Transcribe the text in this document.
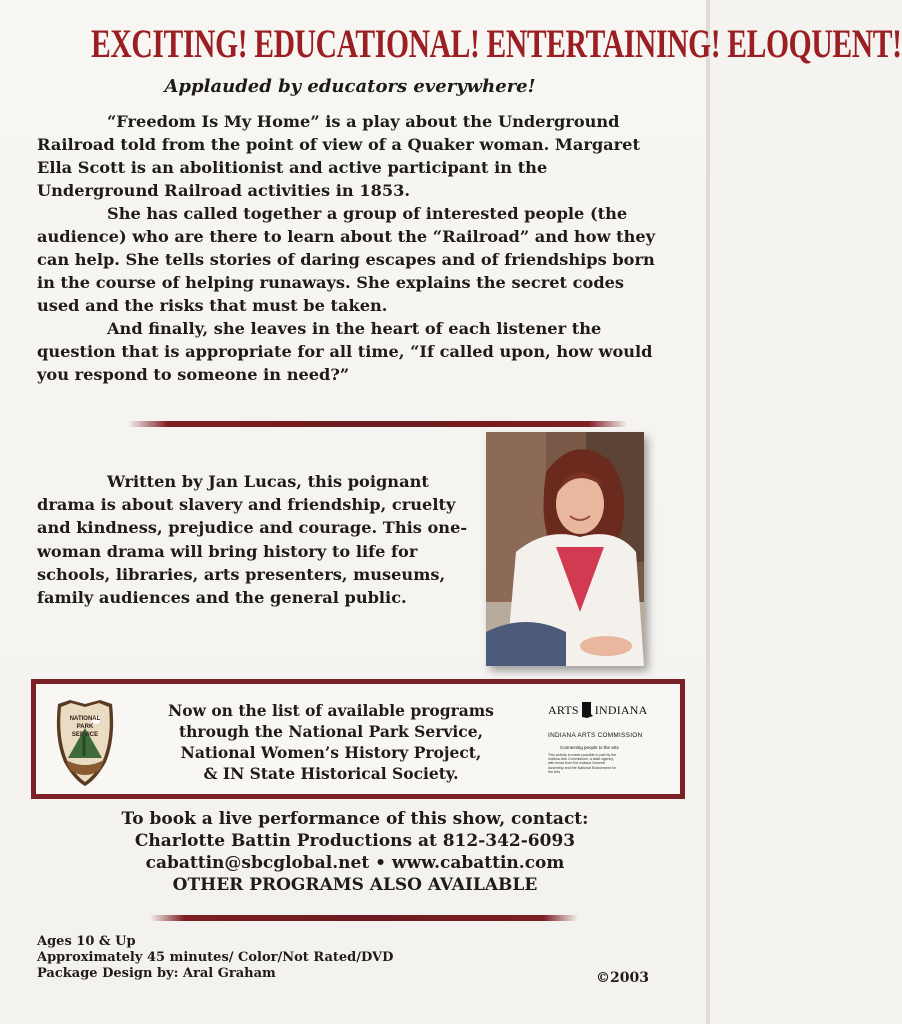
EXCITING! EDUCATIONAL! ENTERTAINING! ELOQUENT!
Applauded by educators everywhere!

“Freedom Is My Home” is a play about the Underground Railroad told from the point of view of a Quaker woman. Margaret Ella Scott is an abolitionist and active participant in the Underground Railroad activities in 1853.

She has called together a group of interested people (the audience) who are there to learn about the “Railroad” and how they can help. She tells stories of daring escapes and of friendships born in the course of helping runaways. She explains the secret codes used and the risks that must be taken.

And finally, she leaves in the heart of each listener the question that is appropriate for all time, “If called upon, how would you respond to someone in need?”

Written by Jan Lucas, this poignant drama is about slavery and friendship, cruelty and kindness, prejudice and courage. This one-woman drama will bring history to life for schools, libraries, arts presenters, museums, family audiences and the general public.

NATIONAL
PARK
SERVICE
Now on the list of available programs
through the National Park Service,
National Women’s History Project,
& IN State Historical Society.
ARTS INDIANA
INDIANA ARTS COMMISSION
Connecting people to the arts
This activity is made possible in part by the Indiana Arts Commission, a state agency, with funds from the Indiana General Assembly and the National Endowment for the Arts
To book a live performance of this show, contact:
Charlotte Battin Productions at 812-342-6093
cabattin@sbcglobal.net • www.cabattin.com
OTHER PROGRAMS ALSO AVAILABLE
Ages 10 & Up
Approximately 45 minutes/ Color/Not Rated/DVD
Package Design by: Aral Graham	©2003
